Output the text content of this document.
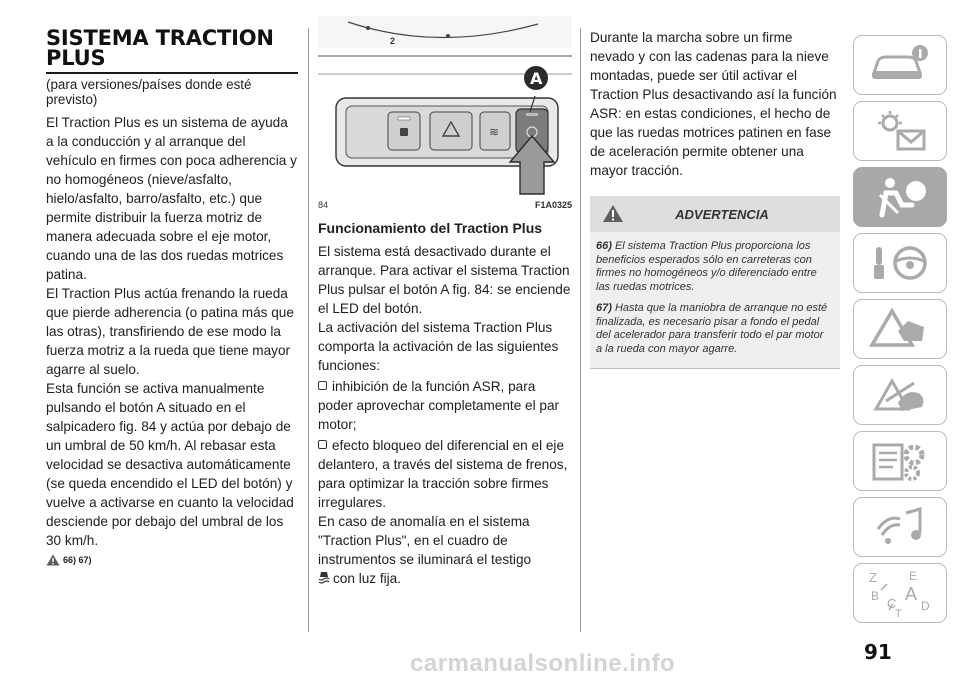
SISTEMA TRACTION
PLUS

(para versiones/países donde esté previsto)

El Traction Plus es un sistema de ayuda a la conducción y al arranque del vehículo en firmes con poca adherencia y no homogéneos (nieve/asfalto, hielo/asfalto, barro/asfalto, etc.) que permite distribuir la fuerza motriz de manera adecuada sobre el eje motor, cuando una de las dos ruedas motrices patina.

El Traction Plus actúa frenando la rueda que pierde adherencia (o patina más que las otras), transfiriendo de ese modo la fuerza motriz a la rueda que tiene mayor agarre al suelo.

Esta función se activa manualmente pulsando el botón A situado en el salpicadero fig. 84 y actúa por debajo de un umbral de 50 km/h. Al rebasar esta velocidad se desactiva automáticamente (se queda encendido el LED del botón) y vuelve a activarse en cuanto la velocidad desciende por debajo del umbral de los 30 km/h.

66) 67)
2
≋
A
84	F1A0325
Funcionamiento del Traction Plus

El sistema está desactivado durante el arranque. Para activar el sistema Traction Plus pulsar el botón A fig. 84: se enciende el LED del botón.

La activación del sistema Traction Plus comporta la activación de las siguientes funciones:

inhibición de la función ASR, para poder aprovechar completamente el par motor;

efecto bloqueo del diferencial en el eje delantero, a través del sistema de frenos, para optimizar la tracción sobre firmes irregulares.

En caso de anomalía en el sistema "Traction Plus", en el cuadro de instrumentos se iluminará el testigo
con luz fija.

Durante la marcha sobre un firme nevado y con las cadenas para la nieve montadas, puede ser útil activar el Traction Plus desactivando así la función ASR: en estas condiciones, el hecho de que las ruedas motrices patinen en fase de aceleración permite obtener una mayor tracción.

ADVERTENCIA

66) El sistema Traction Plus proporciona los beneficios esperados sólo en carreteras con firmes no homogéneos y/o diferenciado entre las ruedas motrices.

67) Hasta que la maniobra de arranque no esté finalizada, es necesario pisar a fondo el pedal del acelerador para transferir todo el par motor a la rueda con mayor agarre.

Z	E
B A
C D
T
91
carmanualsonline.info
